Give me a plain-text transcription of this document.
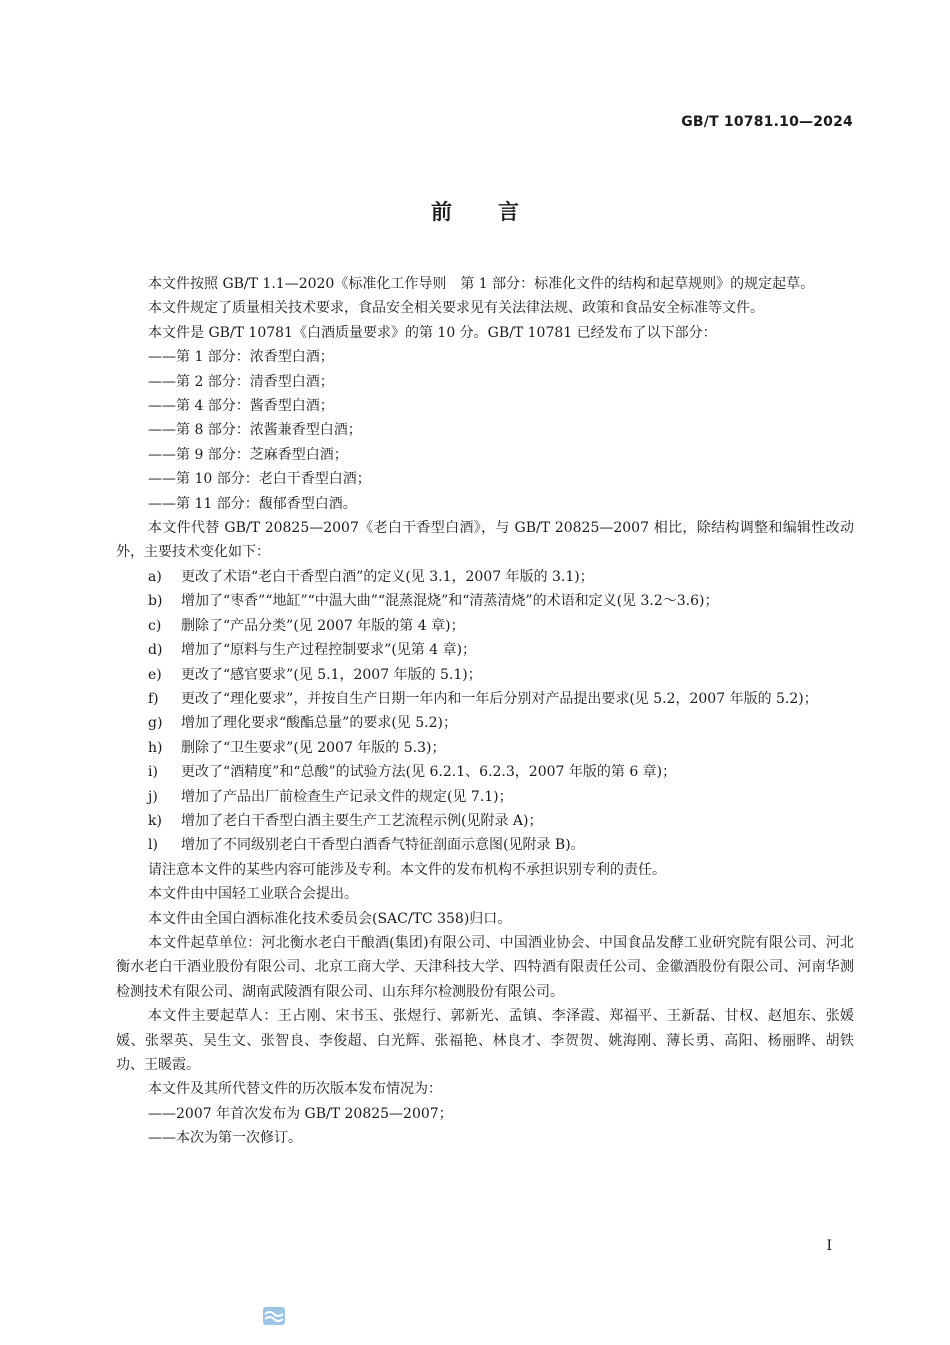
GB/T 10781.10—2024
前言

本文件按照 GB/T 1.1—2020《标准化工作导则　第 1 部分：标准化文件的结构和起草规则》的规定起草。

本文件规定了质量相关技术要求，食品安全相关要求见有关法律法规、政策和食品安全标准等文件。

本文件是 GB/T 10781《白酒质量要求》的第 10 分。GB/T 10781 已经发布了以下部分：

——第 1 部分：浓香型白酒；

——第 2 部分：清香型白酒；

——第 4 部分：酱香型白酒；

——第 8 部分：浓酱兼香型白酒；

——第 9 部分：芝麻香型白酒；

——第 10 部分：老白干香型白酒；

——第 11 部分：馥郁香型白酒。

本文件代替 GB/T 20825—2007《老白干香型白酒》，与 GB/T 20825—2007 相比，除结构调整和编辑性改动外，主要技术变化如下：

a) 更改了术语“老白干香型白酒”的定义(见 3.1，2007 年版的 3.1)；

b) 增加了“枣香”“地缸”“中温大曲”“混蒸混烧”和“清蒸清烧”的术语和定义(见 3.2～3.6)；

c) 删除了“产品分类”(见 2007 年版的第 4 章)；

d) 增加了“原料与生产过程控制要求”(见第 4 章)；

e) 更改了“感官要求”(见 5.1，2007 年版的 5.1)；

f) 更改了“理化要求”，并按自生产日期一年内和一年后分别对产品提出要求(见 5.2，2007 年版的 5.2)；

g) 增加了理化要求“酸酯总量”的要求(见 5.2)；

h) 删除了“卫生要求”(见 2007 年版的 5.3)；

i) 更改了“酒精度”和“总酸”的试验方法(见 6.2.1、6.2.3，2007 年版的第 6 章)；

j) 增加了产品出厂前检查生产记录文件的规定(见 7.1)；

k) 增加了老白干香型白酒主要生产工艺流程示例(见附录 A)；

l) 增加了不同级别老白干香型白酒香气特征剖面示意图(见附录 B)。

请注意本文件的某些内容可能涉及专利。本文件的发布机构不承担识别专利的责任。

本文件由中国轻工业联合会提出。

本文件由全国白酒标准化技术委员会(SAC/TC 358)归口。

本文件起草单位：河北衡水老白干酿酒(集团)有限公司、中国酒业协会、中国食品发酵工业研究院有限公司、河北衡水老白干酒业股份有限公司、北京工商大学、天津科技大学、四特酒有限责任公司、金徽酒股份有限公司、河南华测检测技术有限公司、湖南武陵酒有限公司、山东拜尔检测股份有限公司。

本文件主要起草人：王占刚、宋书玉、张煜行、郭新光、孟镇、李泽霞、郑福平、王新磊、甘权、赵旭东、张媛媛、张翠英、吴生文、张智良、李俊超、白光辉、张福艳、林良才、李贺贺、姚海刚、薄长勇、高阳、杨丽晔、胡铁功、王暖霞。

本文件及其所代替文件的历次版本发布情况为：

——2007 年首次发布为 GB/T 20825—2007；

——本次为第一次修订。

I
